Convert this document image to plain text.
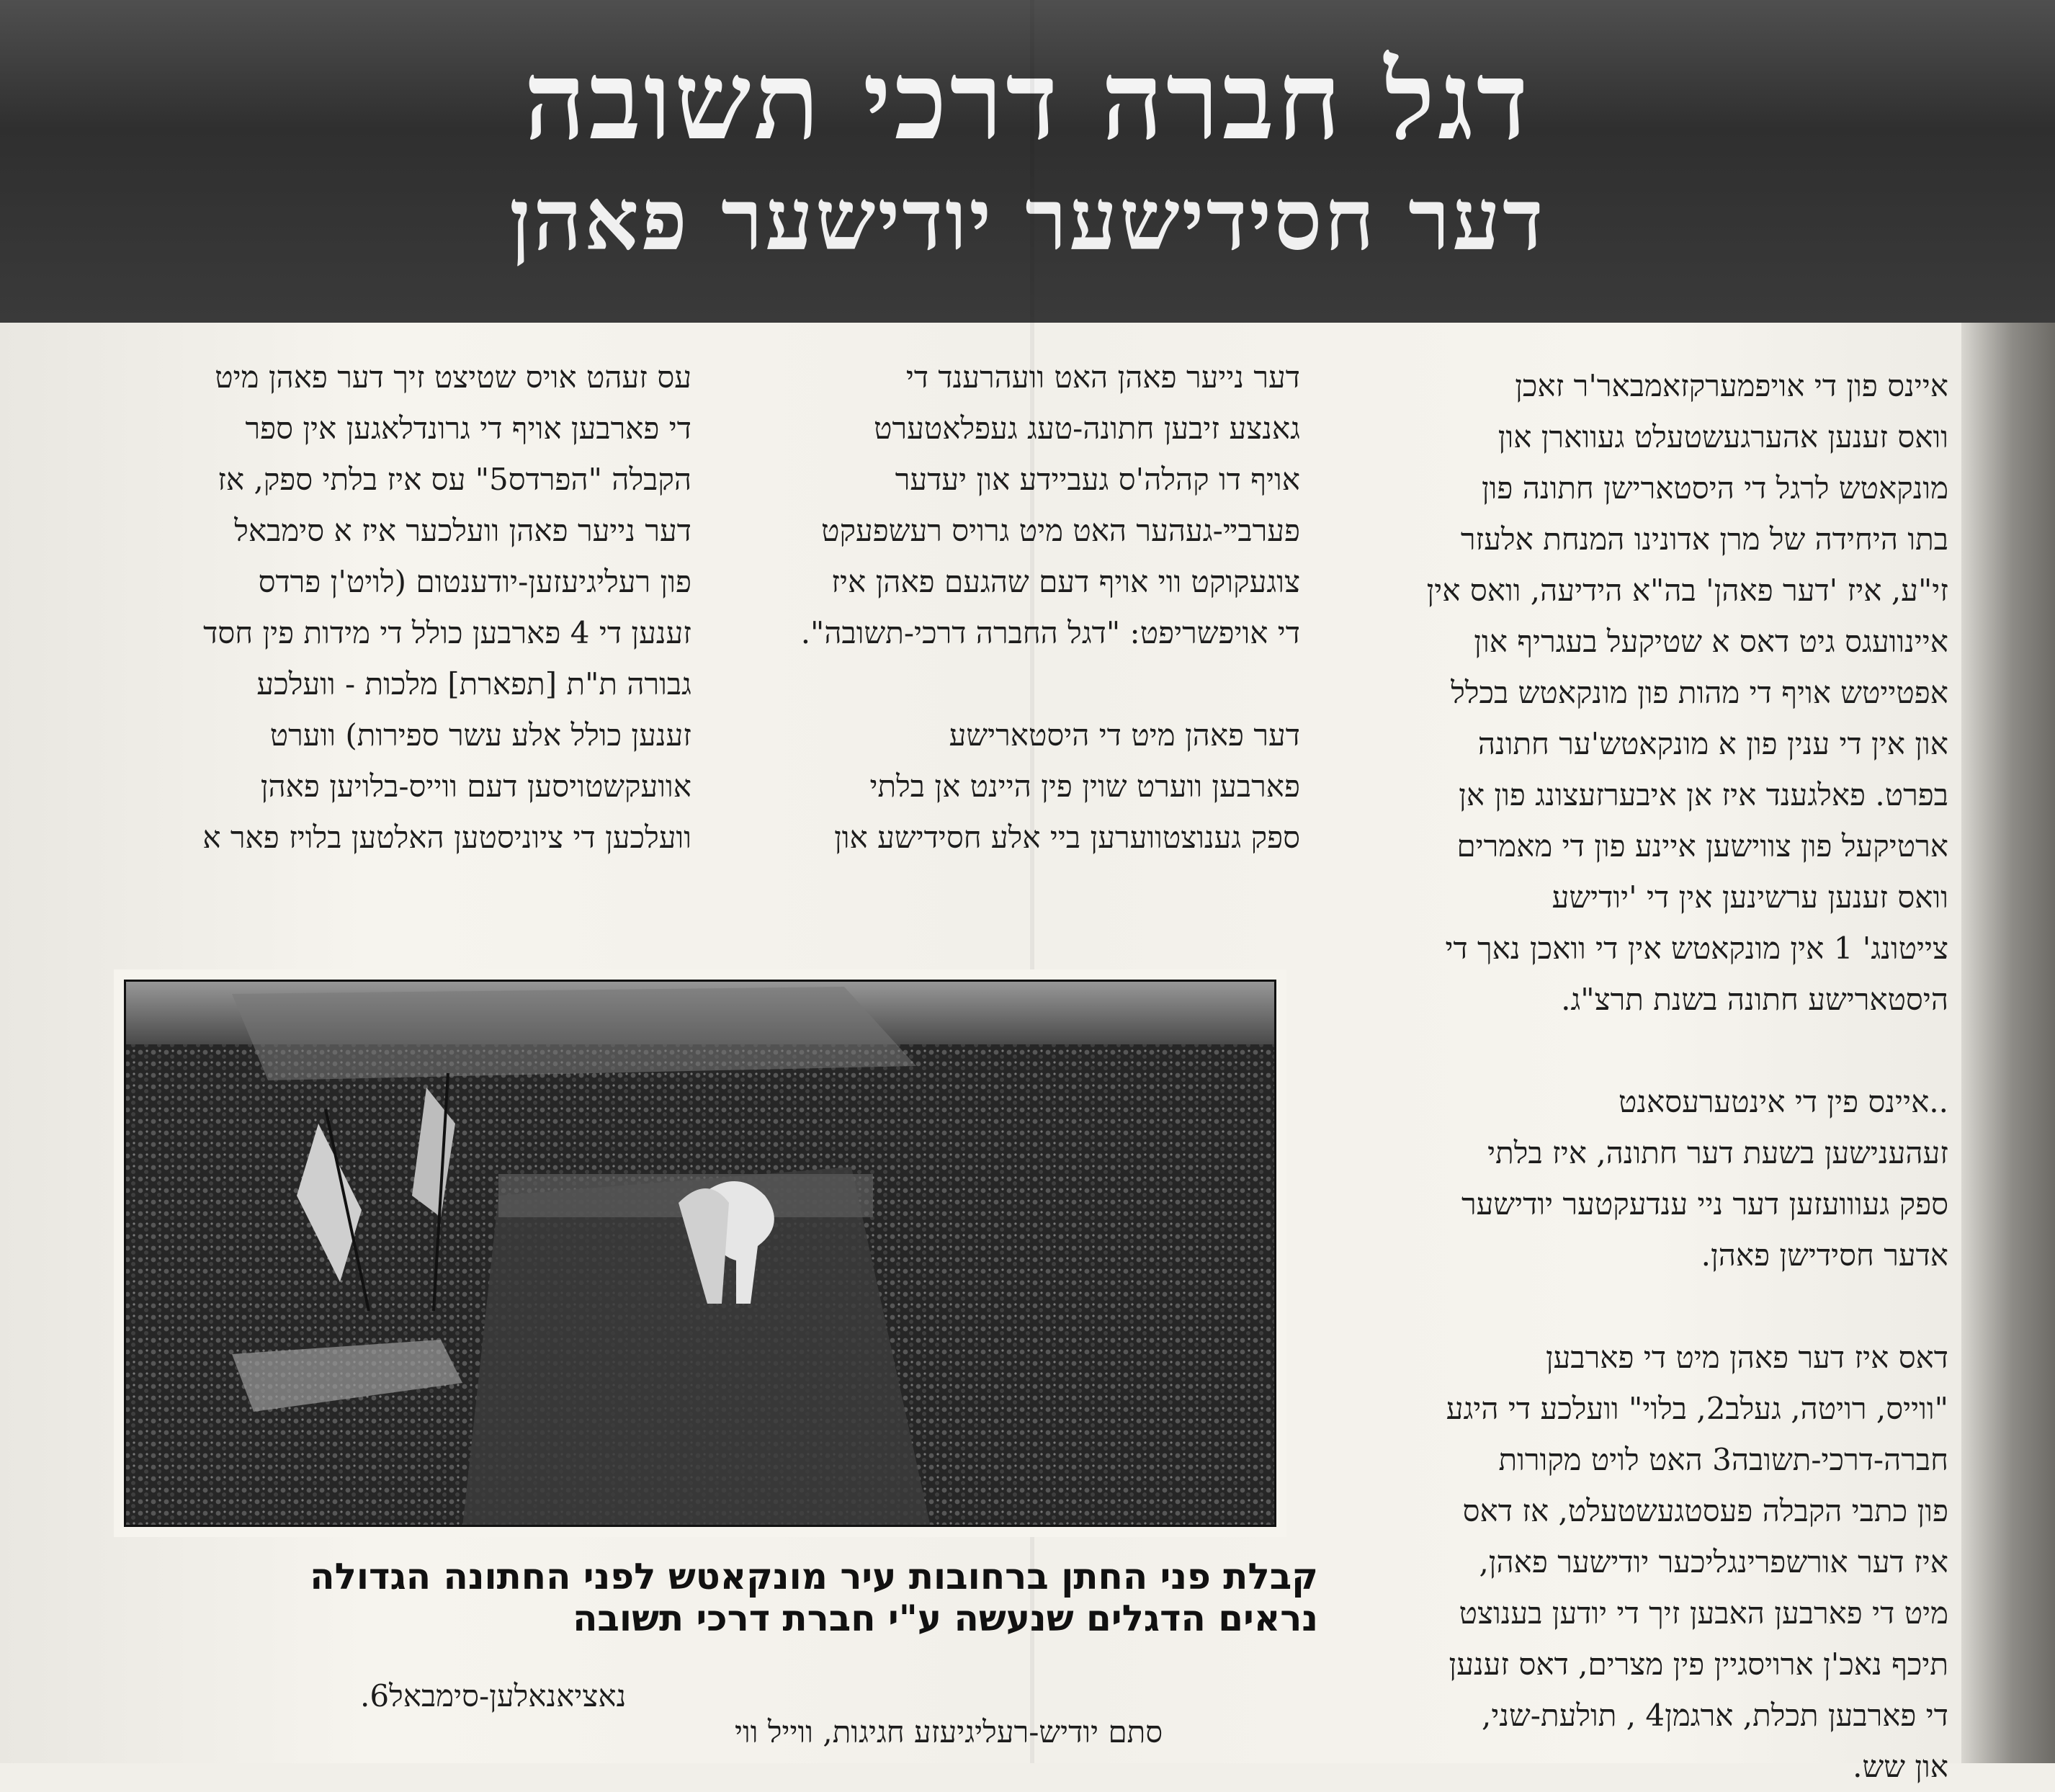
דגל חברה דרכי תשובה
דער חסידישער יודישער פאהן

איינס פון די אויפמערקזאמבאר'ר זאכן
וואס זענען אהערגעשטעלט געווארן און
מונקאטש לרגל די היסטארישן חתונה פון
בתו היחידה של מרן אדונינו המנחת אלעזר
זי"ע, איז 'דער פאהן' בה"א הידיעה, וואס אין
איינוועגס גיט דאס א שטיקעל בעגריף און
אפטייטש אויף די מהות פון מונקאטש בכלל
און אין די ענין פון א מונקאטש'ער חתונה
בפרט. פאלגענד איז אן איבערזעצונג פון אן
ארטיקעל פון צווישען איינע פון די מאמרים
וואס זענען ערשינען אין די 'יודישע
צייטונג' 1 אין מונקאטש אין די וואכן נאך די
היסטארישע חתונה בשנת תרצ"ג.

..איינס פין די אינטערעסאנט
זעהענישען בשעת דער חתונה, איז בלתי
ספק געווועזען דער ניי ענדעקטער יודישער
אדער חסידישן פאהן.

דאס איז דער פאהן מיט די פארבען
"ווייס, רויטה, געלב2, בלוי" וועלכע די היגע
חברה-דרכי-תשובה3 האט לויט מקורות
פון כתבי הקבלה פעסטגעשטעלט, אז דאס
איז דער אורשפרינגליכער יודישער פאהן,
מיט די פארבען האבען זיך די יודען בענוצט
תיכף נאכ'ן ארויסגיין פין מצרים, דאס זענען
די פארבען תכלת, ארגמן4 , תולעת-שני,
און שש.

דער נייער פאהן האט וועהרענד די
גאנצע זיבען חתונה-טעג געפלאטערט
אויף דו קהלה'ס געביידע און יעדער
פערבײ-געהער האט מיט גרויס רעשפעקט
צוגעקוקט ווי אויף דעם שהגעם פאהן איז
די אויפשריפט: "דגל החברה דרכי-תשובה".

דער פאהן מיט די היסטארישע
פארבען ווערט שוין פין היינט אן בלתי
ספק גענוצטווערען ביי אלע חסידישע און

עס זעהט אויס שטיצט זיך דער פאהן מיט
די פארבען אויף די גרונדלאגען אין ספר
הקבלה "הפרדס5" עס איז בלתי ספק, אז
דער נייער פאהן וועלכער איז א סימבאל
פון רעליגיעזען-יודענטום (לויט'ן פרדס
זענען די 4 פארבען כולל די מידות פין חסד
גבורה ת"ת [תפארת] מלכות - וועלכע
זענען כולל אלע עשר ספירות) ווערט
אוועקשטויסען דעם ווייס-בלויען פאהן
וועלכען די ציוניסטען האלטען בלויז פאר א

קבלת פני החתן ברחובות עיר מונקאטש לפני החתונה הגדולה
נראים הדגלים שנעשה ע"י חברת דרכי תשובה
נאציאנאלען-סימבאל6.
סתם יודיש-רעליגיעזע חגיגות, ווייל ווי
